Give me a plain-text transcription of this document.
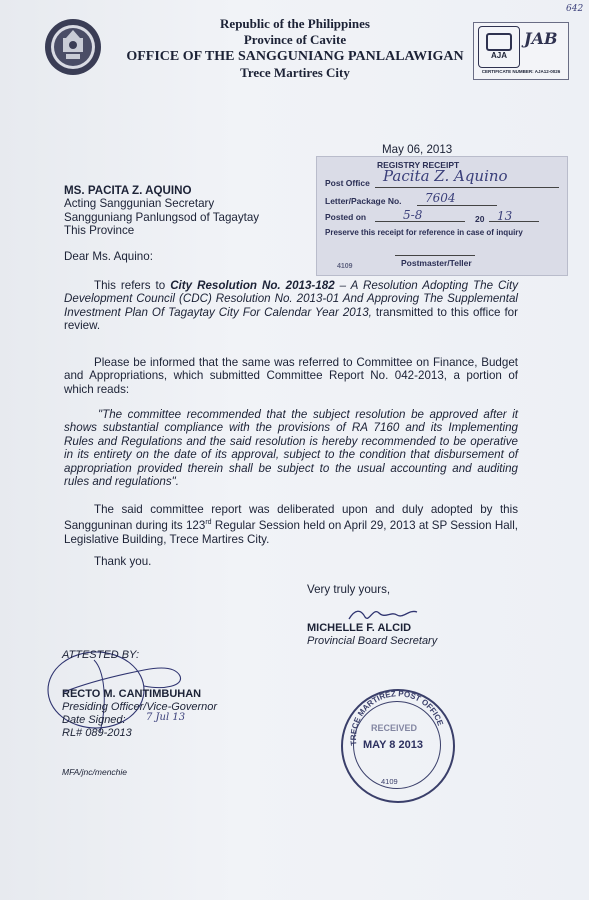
642
Republic of the Philippines
Province of Cavite
OFFICE OF THE SANGGUNIANG PANLALAWIGAN
Trece Martires City
AJA
JAB
CERTIFICATE NUMBER: AJA12-0026
May 06, 2013
REGISTRY RECEIPT
Post Office Pacita Z. Aquino
Letter/Package No. 7604
Posted on	5-8	20 13
Preserve this receipt for reference in case of inquiry
Postmaster/Teller
4109
MS. PACITA Z. AQUINO
Acting Sanggunian Secretary
Sangguniang Panlungsod of Tagaytay
This Province
Dear Ms. Aquino:
This refers to City Resolution No. 2013-182 – A Resolution Adopting The City Development Council (CDC) Resolution No. 2013-01 And Approving The Supplemental Investment Plan Of Tagaytay City For Calendar Year 2013, transmitted to this office for review.
Please be informed that the same was referred to Committee on Finance, Budget and Appropriations, which submitted Committee Report No. 042-2013, a portion of which reads:
"The committee recommended that the subject resolution be approved after it shows substantial compliance with the provisions of RA 7160 and its Implementing Rules and Regulations and the said resolution is hereby recommended to be operative in its entirety on the date of its approval, subject to the condition that disbursement of appropriation provided therein shall be subject to the usual accounting and auditing rules and regulations".
The said committee report was deliberated upon and duly adopted by this Sangguninan during its 123rd Regular Session held on April 29, 2013 at SP Session Hall, Legislative Building, Trece Martires City.
Thank you.
Very truly yours,
MICHELLE F. ALCID
Provincial Board Secretary
ATTESTED BY:
RECTO M. CANTIMBUHAN
Presiding Officer/Vice-Governor
Date Signed: 7 Jul 13
RL# 089-2013
MFA/jnc/menchie
TRECE MARTIREZ POST OFFICE
RECEIVED
MAY 8 2013
4109
